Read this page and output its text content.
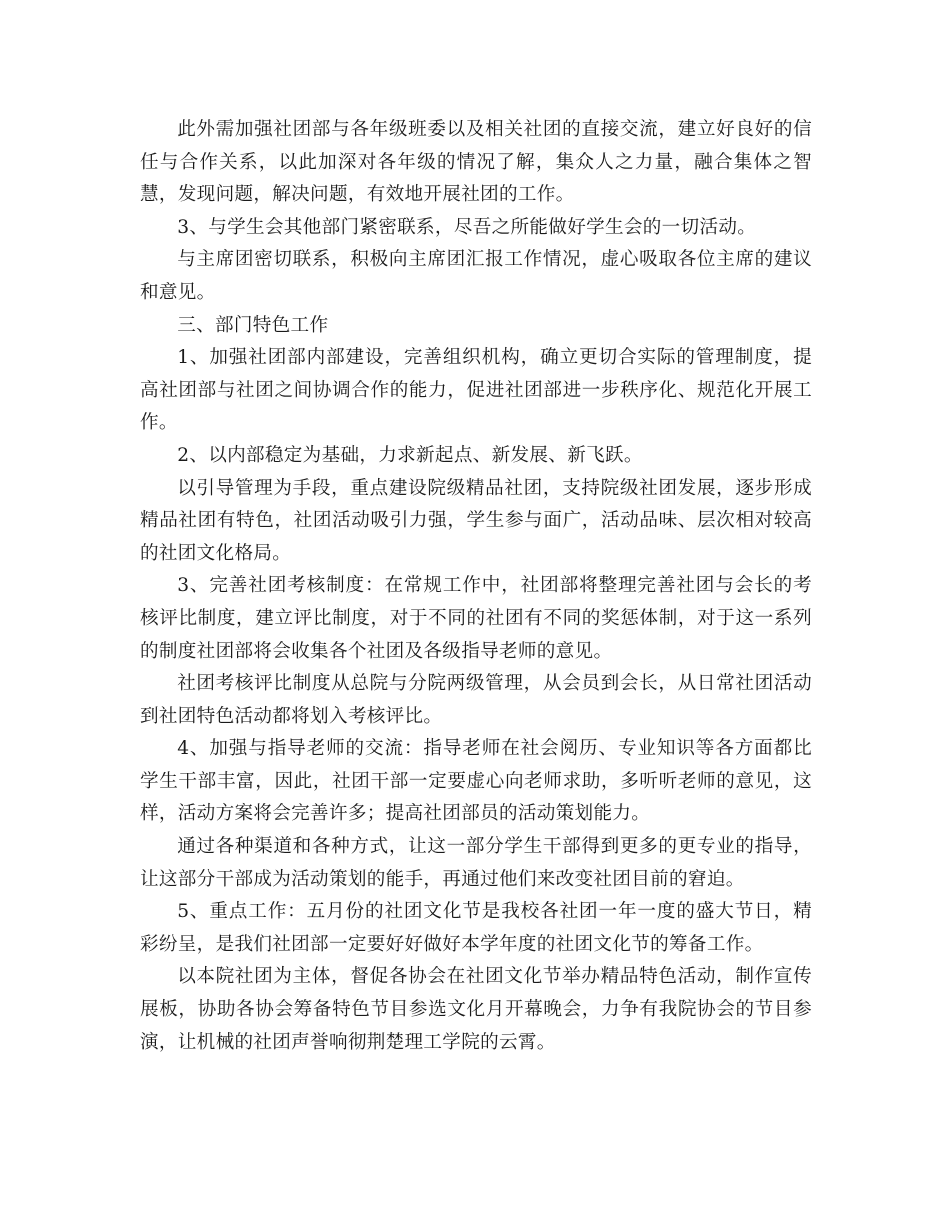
此外需加强社团部与各年级班委以及相关社团的直接交流，建立好良好的信任与合作关系，以此加深对各年级的情况了解，集众人之力量，融合集体之智慧，发现问题，解决问题，有效地开展社团的工作。

3、与学生会其他部门紧密联系，尽吾之所能做好学生会的一切活动。

与主席团密切联系，积极向主席团汇报工作情况，虚心吸取各位主席的建议和意见。

三、部门特色工作

1、加强社团部内部建设，完善组织机构，确立更切合实际的管理制度，提高社团部与社团之间协调合作的能力，促进社团部进一步秩序化、规范化开展工作。

2、以内部稳定为基础，力求新起点、新发展、新飞跃。

以引导管理为手段，重点建设院级精品社团，支持院级社团发展，逐步形成精品社团有特色，社团活动吸引力强，学生参与面广，活动品味、层次相对较高的社团文化格局。

3、完善社团考核制度：在常规工作中，社团部将整理完善社团与会长的考核评比制度，建立评比制度，对于不同的社团有不同的奖惩体制，对于这一系列的制度社团部将会收集各个社团及各级指导老师的意见。

社团考核评比制度从总院与分院两级管理，从会员到会长，从日常社团活动到社团特色活动都将划入考核评比。

4、加强与指导老师的交流：指导老师在社会阅历、专业知识等各方面都比学生干部丰富，因此，社团干部一定要虚心向老师求助，多听听老师的意见，这样，活动方案将会完善许多；提高社团部员的活动策划能力。

通过各种渠道和各种方式，让这一部分学生干部得到更多的更专业的指导，让这部分干部成为活动策划的能手，再通过他们来改变社团目前的窘迫。

5、重点工作：五月份的社团文化节是我校各社团一年一度的盛大节日，精彩纷呈，是我们社团部一定要好好做好本学年度的社团文化节的筹备工作。

以本院社团为主体，督促各协会在社团文化节举办精品特色活动，制作宣传展板，协助各协会筹备特色节目参选文化月开幕晚会，力争有我院协会的节目参演，让机械的社团声誉响彻荆楚理工学院的云霄。
